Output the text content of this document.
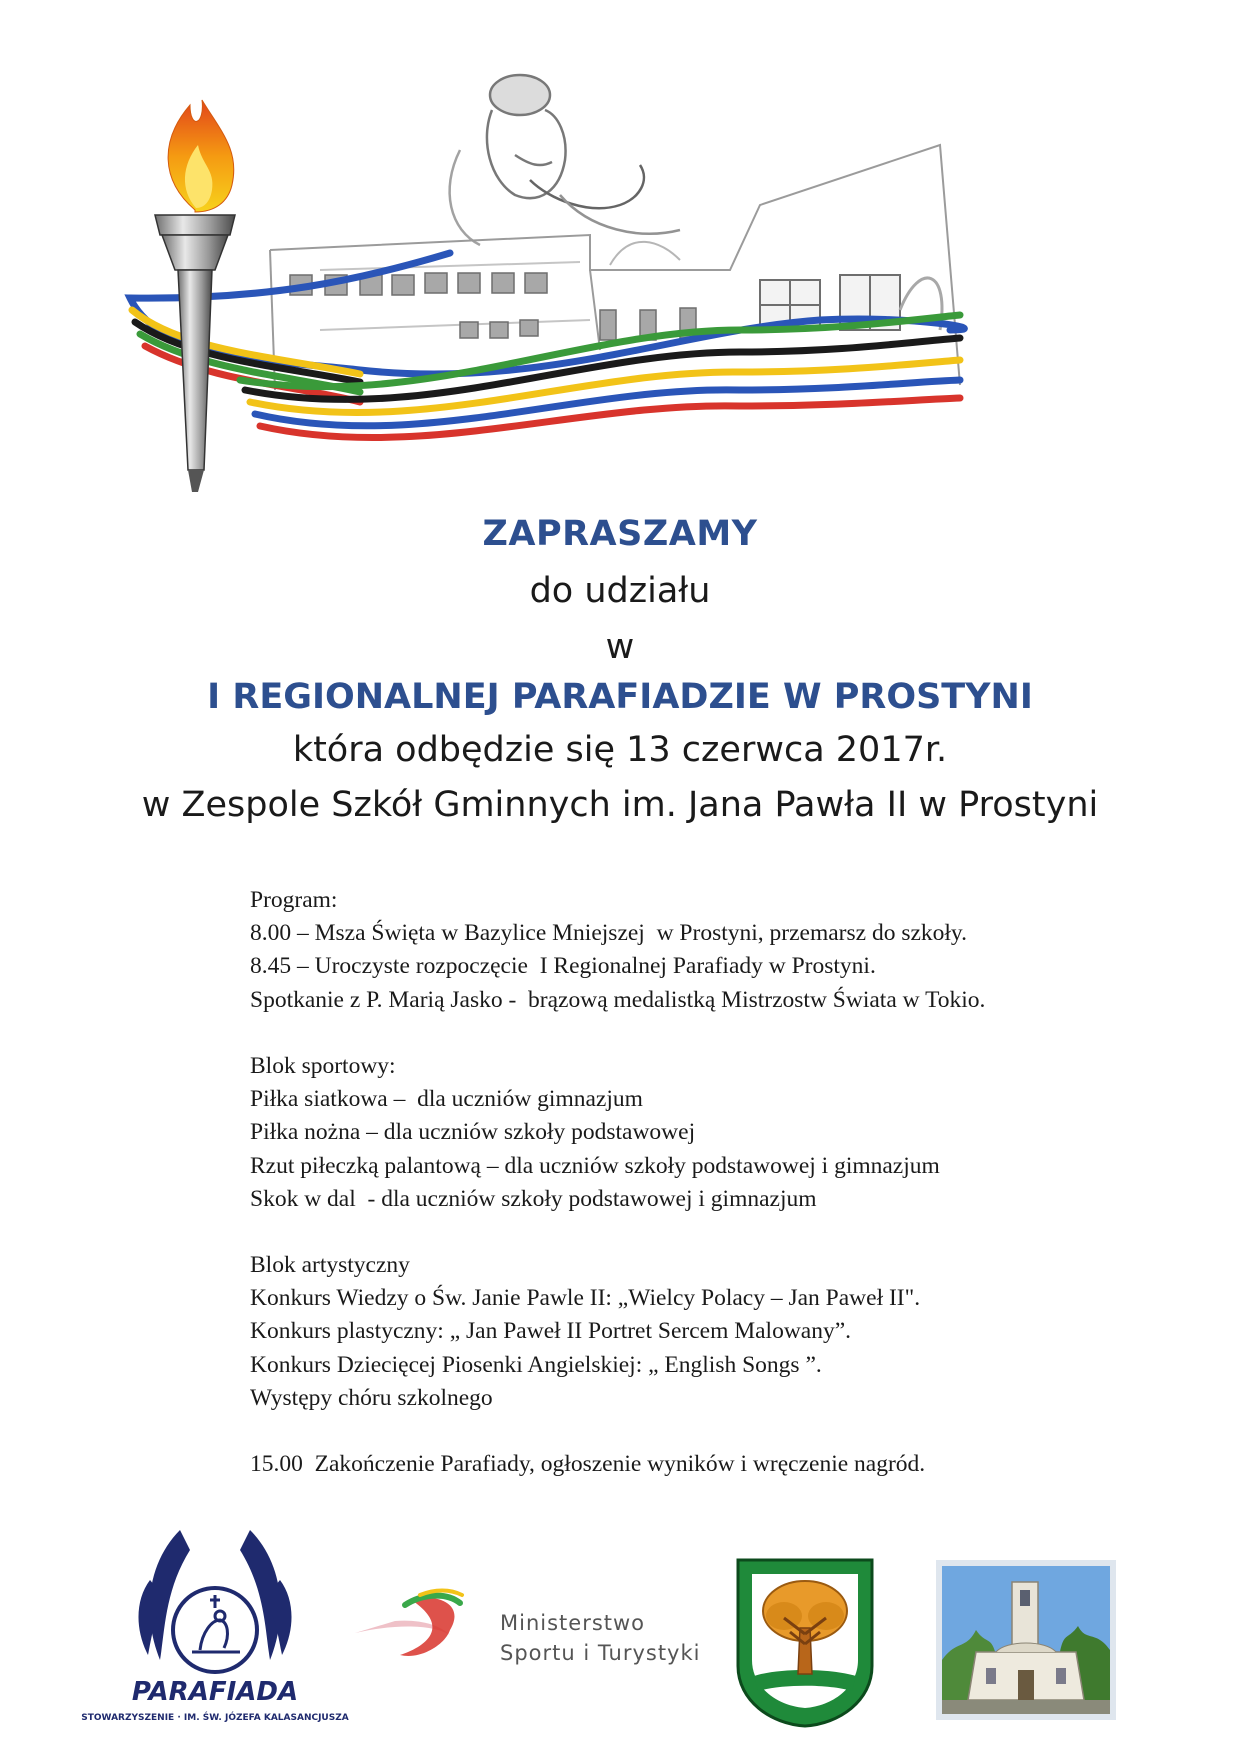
ZAPRASZAMY
do udziału
w
I REGIONALNEJ PARAFIADZIE W PROSTYNI
która odbędzie się 13 czerwca 2017r.
w Zespole Szkół Gminnych im. Jana Pawła II w Prostyni
Program:
8.00 – Msza Święta w Bazylice Mniejszej  w Prostyni, przemarsz do szkoły.
8.45 – Uroczyste rozpoczęcie  I Regionalnej Parafiady w Prostyni.
Spotkanie z P. Marią Jasko -  brązową medalistką Mistrzostw Świata w Tokio.
Blok sportowy:
Piłka siatkowa –  dla uczniów gimnazjum
Piłka nożna – dla uczniów szkoły podstawowej
Rzut piłeczką palantową – dla uczniów szkoły podstawowej i gimnazjum
Skok w dal  - dla uczniów szkoły podstawowej i gimnazjum
Blok artystyczny
Konkurs Wiedzy o Św. Janie Pawle II: „Wielcy Polacy – Jan Paweł II".
Konkurs plastyczny: „ Jan Paweł II Portret Sercem Malowany”.
Konkurs Dziecięcej Piosenki Angielskiej: „ English Songs ”.
Występy chóru szkolnego
15.00  Zakończenie Parafiady, ogłoszenie wyników i wręczenie nagród.
PARAFIADA
STOWARZYSZENIE · IM. ŚW. JÓZEFA KALASANCJUSZA
Ministerstwo
Sportu i Turystyki
